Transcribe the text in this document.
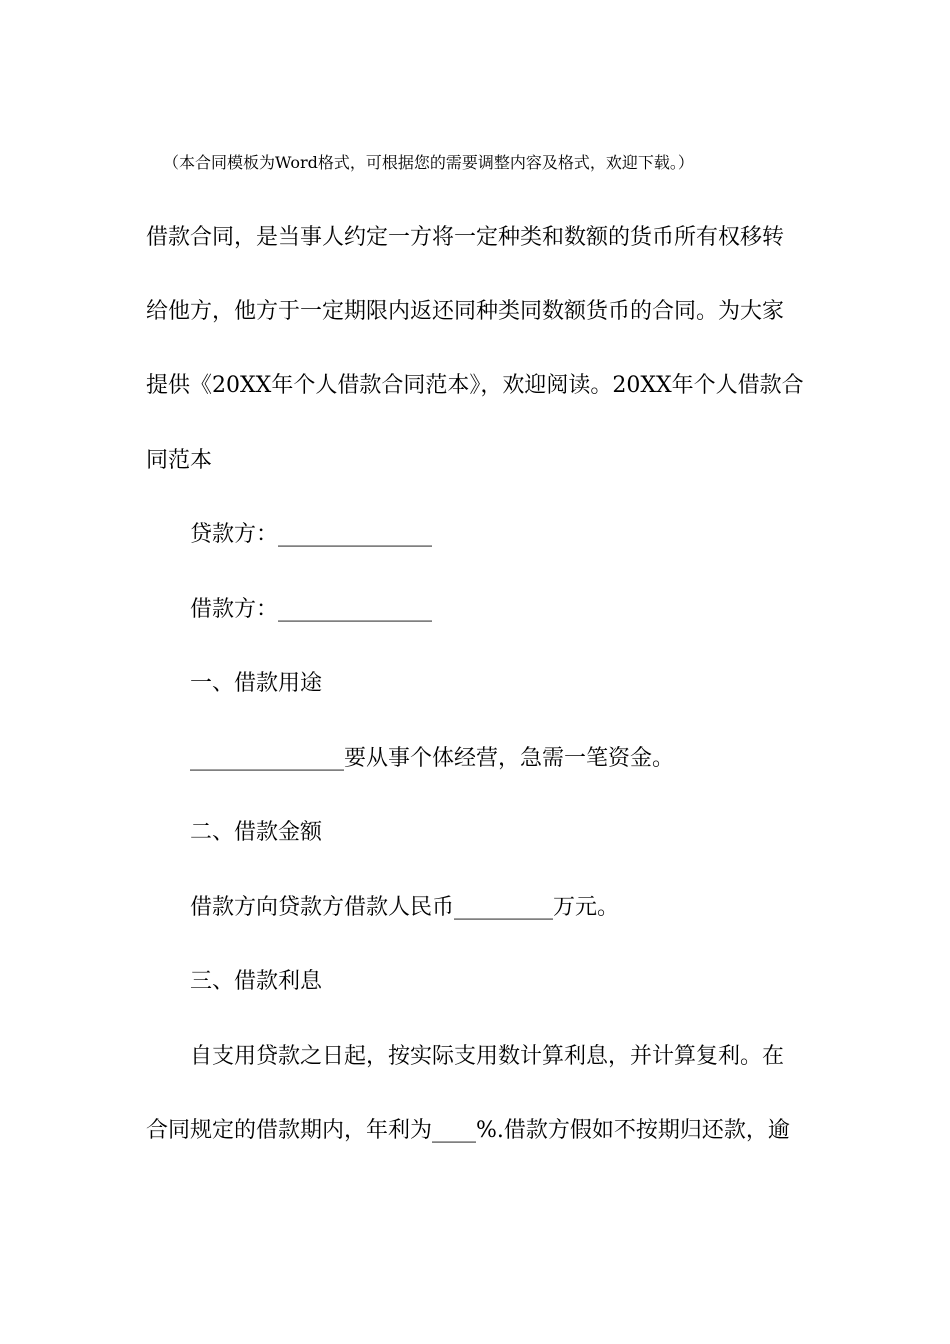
（本合同模板为Word格式，可根据您的需要调整内容及格式，欢迎下载。）
借款合同，是当事人约定一方将一定种类和数额的货币所有权移转
给他方，他方于一定期限内返还同种类同数额货币的合同。为大家
提供《20XX年个人借款合同范本》，欢迎阅读。20XX年个人借款合
同范本
贷款方：______________
借款方：______________
一、借款用途
______________要从事个体经营，急需一笔资金。
二、借款金额
借款方向贷款方借款人民币_________万元。
三、借款利息
自支用贷款之日起，按实际支用数计算利息，并计算复利。在
合同规定的借款期内，年利为____%.借款方假如不按期归还款，逾
